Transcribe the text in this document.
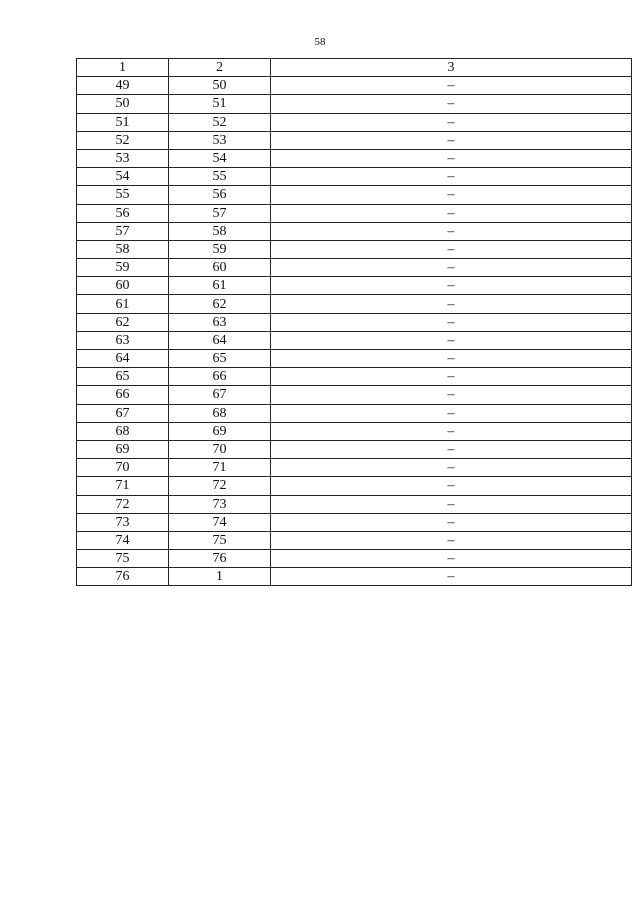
58
1	2	3
49	50	–
50	51	–
51	52	–
52	53	–
53	54	–
54	55	–
55	56	–
56	57	–
57	58	–
58	59	–
59	60	–
60	61	–
61	62	–
62	63	–
63	64	–
64	65	–
65	66	–
66	67	–
67	68	–
68	69	–
69	70	–
70	71	–
71	72	–
72	73	–
73	74	–
74	75	–
75	76	–
76	1	–
